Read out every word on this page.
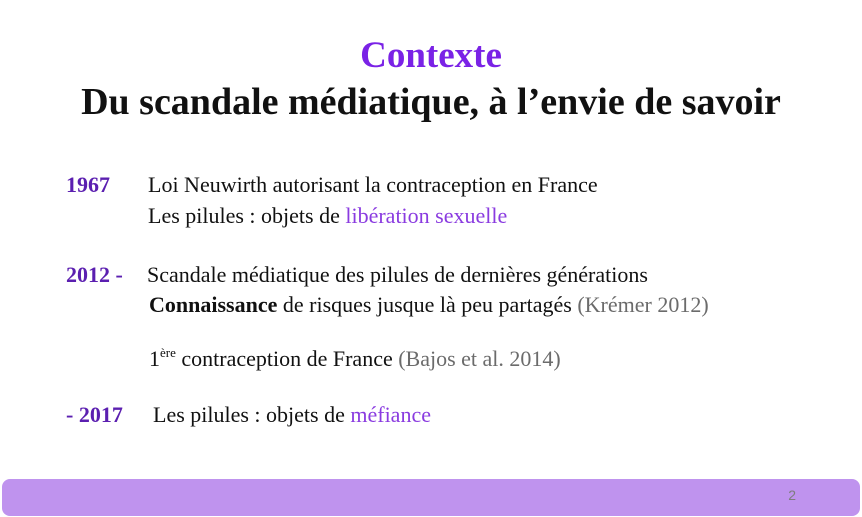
Contexte
Du scandale médiatique, à l’envie de savoir
1967 Loi Neuwirth autorisant la contraception en France
Les pilules : objets de libération sexuelle
2012 - Scandale médiatique des pilules de dernières générations
Connaissance de risques jusque là peu partagés (Krémer 2012)
1ère contraception de France (Bajos et al. 2014)
- 2017 Les pilules : objets de méfiance
2
